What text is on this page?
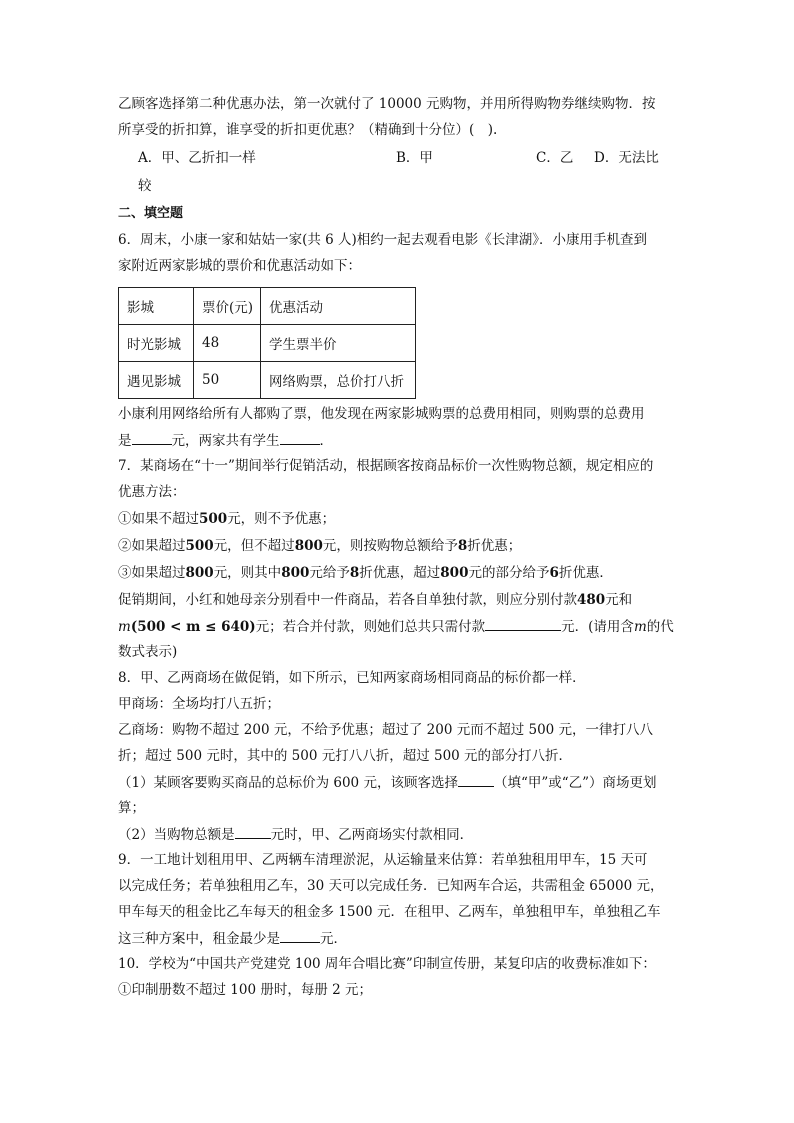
乙顾客选择第二种优惠办法，第一次就付了 10000 元购物，并用所得购物券继续购物．按
所享受的折扣算，谁享受的折扣更优惠？（精确到十分位）(　).
A．甲、乙折扣一样	B．甲	C．乙 D．无法比
较
二、填空题
6．周末，小康一家和姑姑一家(共 6 人)相约一起去观看电影《长津湖》．小康用手机查到
家附近两家影城的票价和优惠活动如下：
影城	票价(元)	优惠活动
时光影城	48	学生票半价
遇见影城	50	网络购票，总价打八折
小康利用网络给所有人都购了票，他发现在两家影城购票的总费用相同，则购票的总费用
是	元，两家共有学生	．
7．某商场在“十一”期间举行促销活动，根据顾客按商品标价一次性购物总额，规定相应的
优惠方法：
①如果不超过500元，则不予优惠；
②如果超过500元，但不超过800元，则按购物总额给予8折优惠；
③如果超过800元，则其中800元给予8折优惠，超过800元的部分给予6折优惠．
促销期间，小红和她母亲分别看中一件商品，若各自单独付款，则应分别付款480元和
m(500 < m ≤ 640)元；若合并付款，则她们总共只需付款	元．(请用含m的代
数式表示)
8．甲、乙两商场在做促销，如下所示，已知两家商场相同商品的标价都一样．
甲商场：全场均打八五折；
乙商场：购物不超过 200 元，不给予优惠；超过了 200 元而不超过 500 元，一律打八八
折；超过 500 元时，其中的 500 元打八八折，超过 500 元的部分打八折．
（1）某顾客要购买商品的总标价为 600 元，该顾客选择	（填“甲”或“乙”）商场更划
算；
（2）当购物总额是	元时，甲、乙两商场实付款相同．
9．一工地计划租用甲、乙两辆车清理淤泥，从运输量来估算：若单独租用甲车，15 天可
以完成任务；若单独租用乙车，30 天可以完成任务．已知两车合运，共需租金 65000 元，
甲车每天的租金比乙车每天的租金多 1500 元．在租甲、乙两车，单独租甲车，单独租乙车
这三种方案中，租金最少是	元．
10．学校为“中国共产党建党 100 周年合唱比赛”印制宣传册，某复印店的收费标准如下：
①印制册数不超过 100 册时，每册 2 元；
